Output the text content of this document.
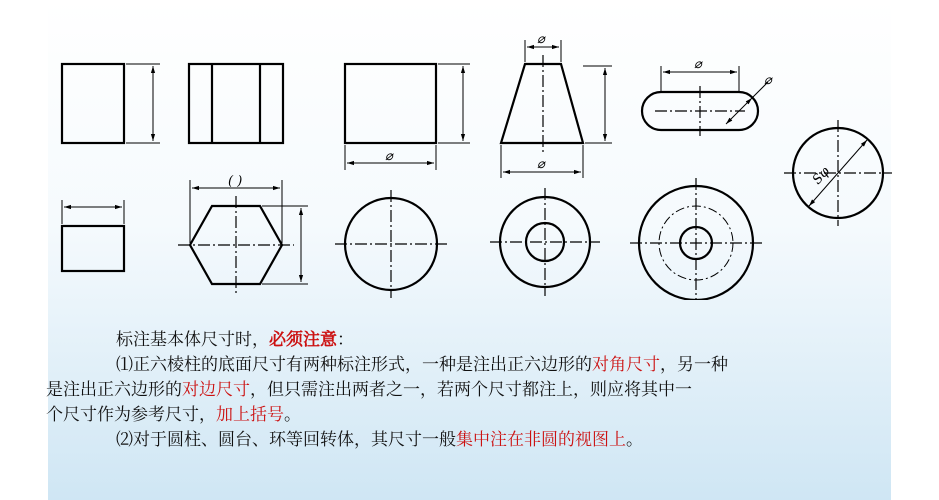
( )
⌀
⌀
⌀
⌀
⌀
Sφ

标注基本体尺寸时，必须注意：

⑴正六棱柱的底面尺寸有两种标注形式，一种是注出正六边形的对角尺寸，另一种

是注出正六边形的对边尺寸，但只需注出两者之一，若两个尺寸都注上，则应将其中一

个尺寸作为参考尺寸，加上括号。

⑵对于圆柱、圆台、环等回转体，其尺寸一般集中注在非圆的视图上。
